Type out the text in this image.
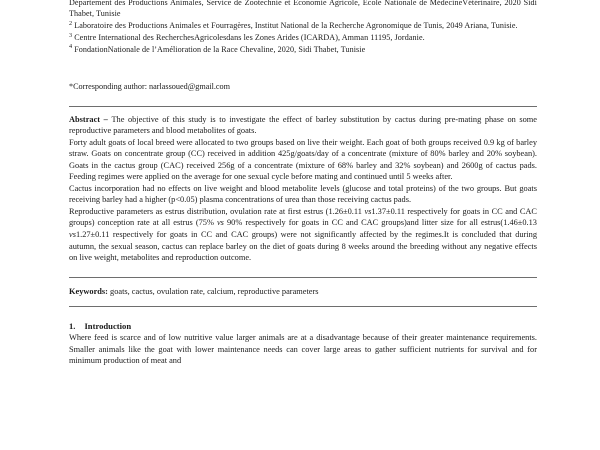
Département des Productions Animales, Service de Zootechnie et Economie Agricole, Ecole Nationale de MédecineVétérinaire, 2020 Sidi Thabet, Tunisie

$^2$ Laboratoire des Productions Animales et Fourragères, Institut National de la Recherche Agronomique de Tunis, 2049 Ariana, Tunisie.

$^3$ Centre International des RecherchesAgricolesdans les Zones Arides (ICARDA), Amman 11195, Jordanie.

$^4$ FondationNationale de l’Amélioration de la Race Chevaline, 2020, Sidi Thabet, Tunisie

*Corresponding author: narlassoued@gmail.com

Abstract – The objective of this study is to investigate the effect of barley substitution by cactus during pre-mating phase on some reproductive parameters and blood metabolites of goats.

Forty adult goats of local breed were allocated to two groups based on live their weight. Each goat of both groups received 0.9 kg of barley straw. Goats on concentrate group (CC) received in addition 425g/goats/day of a concentrate (mixture of 80% barley and 20% soybean). Goats in the cactus group (CAC) received 256g of a concentrate (mixture of 68% barley and 32% soybean) and 2600g of cactus pads. Feeding regimes were applied on the average for one sexual cycle before mating and continued until 5 weeks after.

Cactus incorporation had no effects on live weight and blood metabolite levels (glucose and total proteins) of the two groups. But goats receiving barley had a higher (p<0.05) plasma concentrations of urea than those receiving cactus pads.

Reproductive parameters as estrus distribution, ovulation rate at first estrus (1.26±0.11 vs1.37±0.11 respectively for goats in CC and CAC groups) conception rate at all estrus (75% vs 90% respectively for goats in CC and CAC groups)and litter size for all estrus(1.46±0.13 vs1.27±0.11 respectively for goats in CC and CAC groups) were not significantly affected by the regimes.It is concluded that during autumn, the sexual season, cactus can replace barley on the diet of goats during 8 weeks around the breeding without any negative effects on live weight, metabolites and reproduction outcome.

Keywords: goats, cactus, ovulation rate, calcium, reproductive parameters

1. Introduction

Where feed is scarce and of low nutritive value larger animals are at a disadvantage because of their greater maintenance requirements. Smaller animals like the goat with lower maintenance needs can cover large areas to gather sufficient nutrients for survival and for minimum production of meat and
